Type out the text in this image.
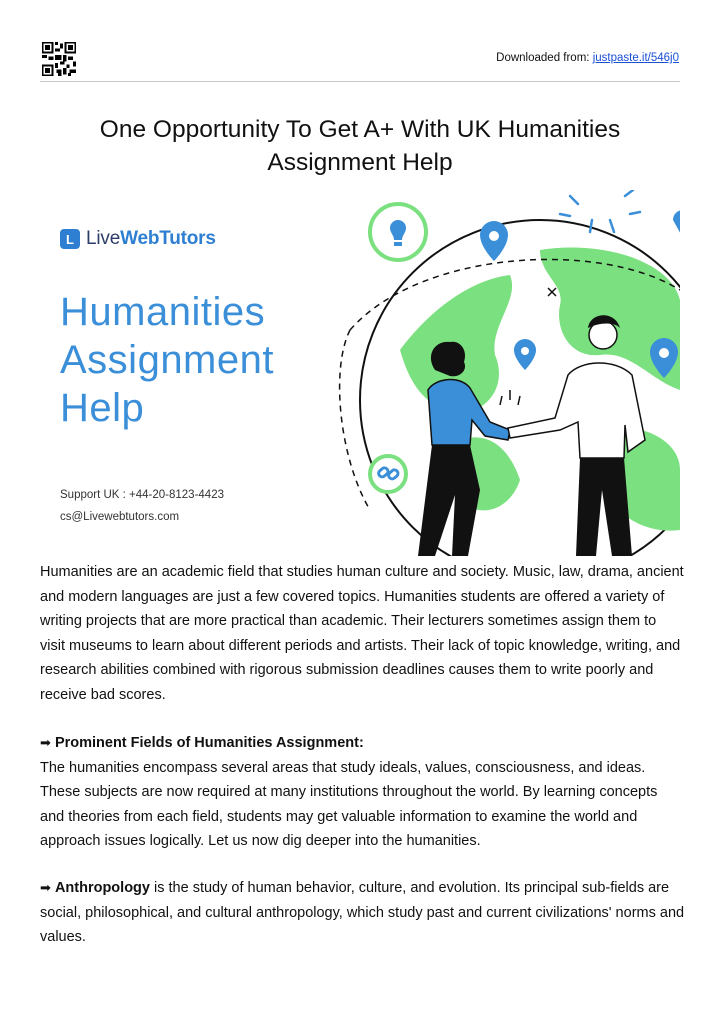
Downloaded from: justpaste.it/546j0
One Opportunity To Get A+ With UK Humanities Assignment Help
L LiveWebTutors
Humanities
Assignment
Help
Support UK : +44-20-8123-4423
cs@Livewebtutors.com

Humanities are an academic field that studies human culture and society. Music, law, drama, ancient and modern languages are just a few covered topics. Humanities students are offered a variety of writing projects that are more practical than academic. Their lecturers sometimes assign them to visit museums to learn about different periods and artists. Their lack of topic knowledge, writing, and research abilities combined with rigorous submission deadlines causes them to write poorly and receive bad scores.

➡ Prominent Fields of Humanities Assignment:
The humanities encompass several areas that study ideals, values, consciousness, and ideas. These subjects are now required at many institutions throughout the world. By learning concepts and theories from each field, students may get valuable information to examine the world and approach issues logically. Let us now dig deeper into the humanities.

➡ Anthropology is the study of human behavior, culture, and evolution. Its principal sub-fields are social, philosophical, and cultural anthropology, which study past and current civilizations' norms and values.
